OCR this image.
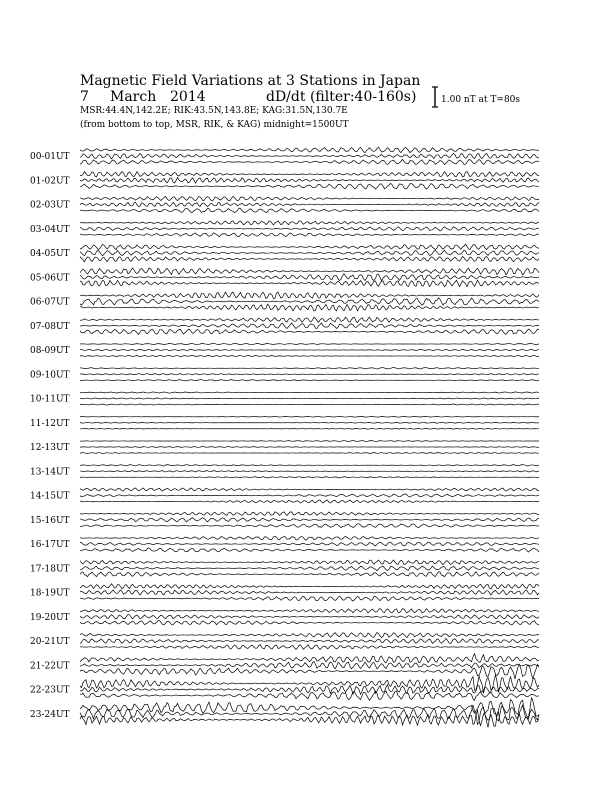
Magnetic Field Variations at 3 Stations in Japan
7 March 2014	dD/dt (filter:40-160s)
MSR:44.4N,142.2E; RIK:43.5N,143.8E; KAG:31.5N,130.7E
(from bottom to top, MSR, RIK, & KAG) midnight=1500UT
1.00 nT at T=80s
00-01UT
01-02UT
02-03UT
03-04UT
04-05UT
05-06UT
06-07UT
07-08UT
08-09UT
09-10UT
10-11UT
11-12UT
12-13UT
13-14UT
14-15UT
15-16UT
16-17UT
17-18UT
18-19UT
19-20UT
20-21UT
21-22UT
22-23UT
23-24UT
